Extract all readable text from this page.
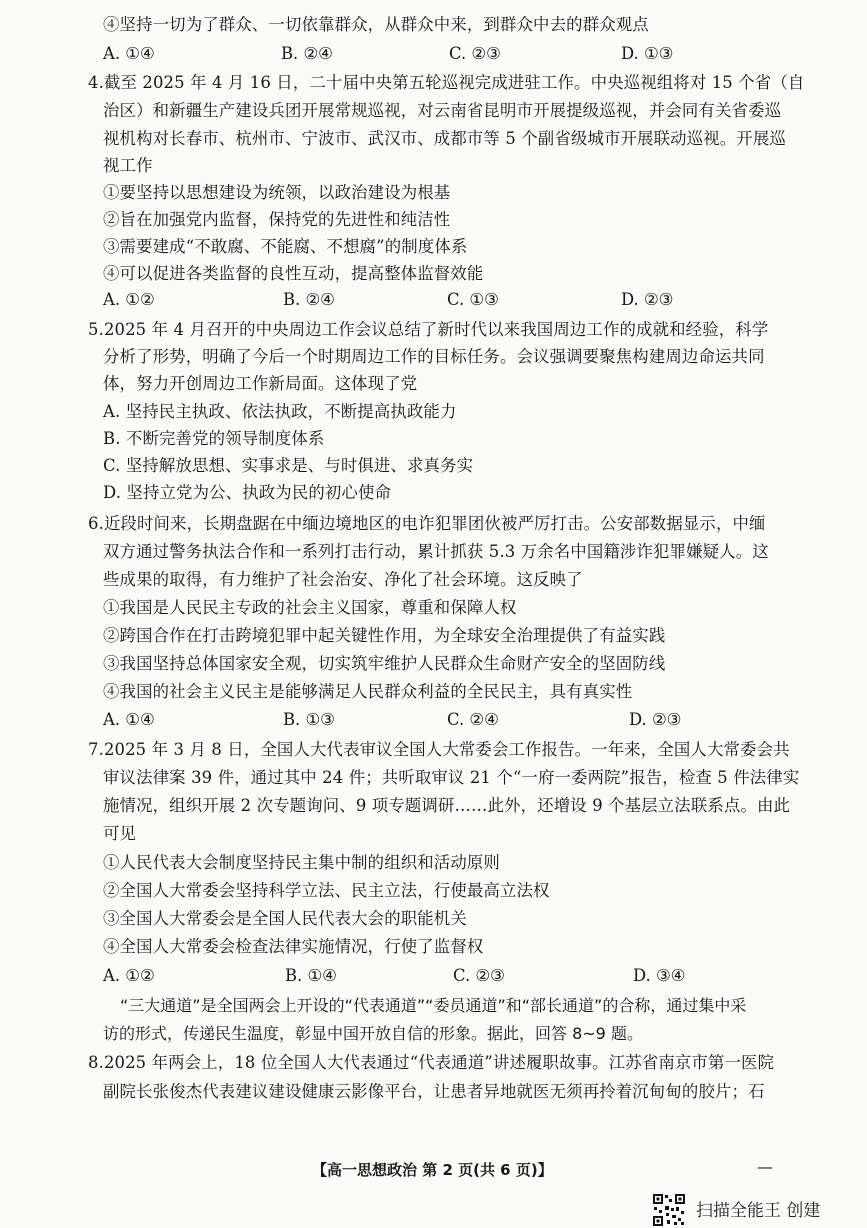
④坚持一切为了群众、一切依靠群众，从群众中来，到群众中去的群众观点
A. ①④	B. ②④	C. ②③	D. ①③
4.截至 2025 年 4 月 16 日，二十届中央第五轮巡视完成进驻工作。中央巡视组将对 15 个省（自
治区）和新疆生产建设兵团开展常规巡视，对云南省昆明市开展提级巡视，并会同有关省委巡
视机构对长春市、杭州市、宁波市、武汉市、成都市等 5 个副省级城市开展联动巡视。开展巡
视工作
①要坚持以思想建设为统领，以政治建设为根基
②旨在加强党内监督，保持党的先进性和纯洁性
③需要建成“不敢腐、不能腐、不想腐”的制度体系
④可以促进各类监督的良性互动，提高整体监督效能
A. ①②	B. ②④	C. ①③	D. ②③
5.2025 年 4 月召开的中央周边工作会议总结了新时代以来我国周边工作的成就和经验，科学
分析了形势，明确了今后一个时期周边工作的目标任务。会议强调要聚焦构建周边命运共同
体，努力开创周边工作新局面。这体现了党
A. 坚持民主执政、依法执政，不断提高执政能力
B. 不断完善党的领导制度体系
C. 坚持解放思想、实事求是、与时俱进、求真务实
D. 坚持立党为公、执政为民的初心使命
6.近段时间来，长期盘踞在中缅边境地区的电诈犯罪团伙被严厉打击。公安部数据显示，中缅
双方通过警务执法合作和一系列打击行动，累计抓获 5.3 万余名中国籍涉诈犯罪嫌疑人。这
些成果的取得，有力维护了社会治安、净化了社会环境。这反映了
①我国是人民民主专政的社会主义国家，尊重和保障人权
②跨国合作在打击跨境犯罪中起关键性作用，为全球安全治理提供了有益实践
③我国坚持总体国家安全观，切实筑牢维护人民群众生命财产安全的坚固防线
④我国的社会主义民主是能够满足人民群众利益的全民民主，具有真实性
A. ①④	B. ①③	C. ②④	D. ②③
7.2025 年 3 月 8 日，全国人大代表审议全国人大常委会工作报告。一年来，全国人大常委会共
审议法律案 39 件，通过其中 24 件；共听取审议 21 个“一府一委两院”报告，检查 5 件法律实
施情况，组织开展 2 次专题询问、9 项专题调研……此外，还增设 9 个基层立法联系点。由此
可见
①人民代表大会制度坚持民主集中制的组织和活动原则
②全国人大常委会坚持科学立法、民主立法，行使最高立法权
③全国人大常委会是全国人民代表大会的职能机关
④全国人大常委会检查法律实施情况，行使了监督权
A. ①②	B. ①④	C. ②③	D. ③④
“三大通道”是全国两会上开设的“代表通道”“委员通道”和“部长通道”的合称，通过集中采
访的形式，传递民生温度，彰显中国开放自信的形象。据此，回答 8~9 题。
8.2025 年两会上，18 位全国人大代表通过“代表通道”讲述履职故事。江苏省南京市第一医院
副院长张俊杰代表建议建设健康云影像平台，让患者异地就医无须再拎着沉甸甸的胶片；石
【高一思想政治 第 2 页(共 6 页)】	—
扫描全能王 创建
